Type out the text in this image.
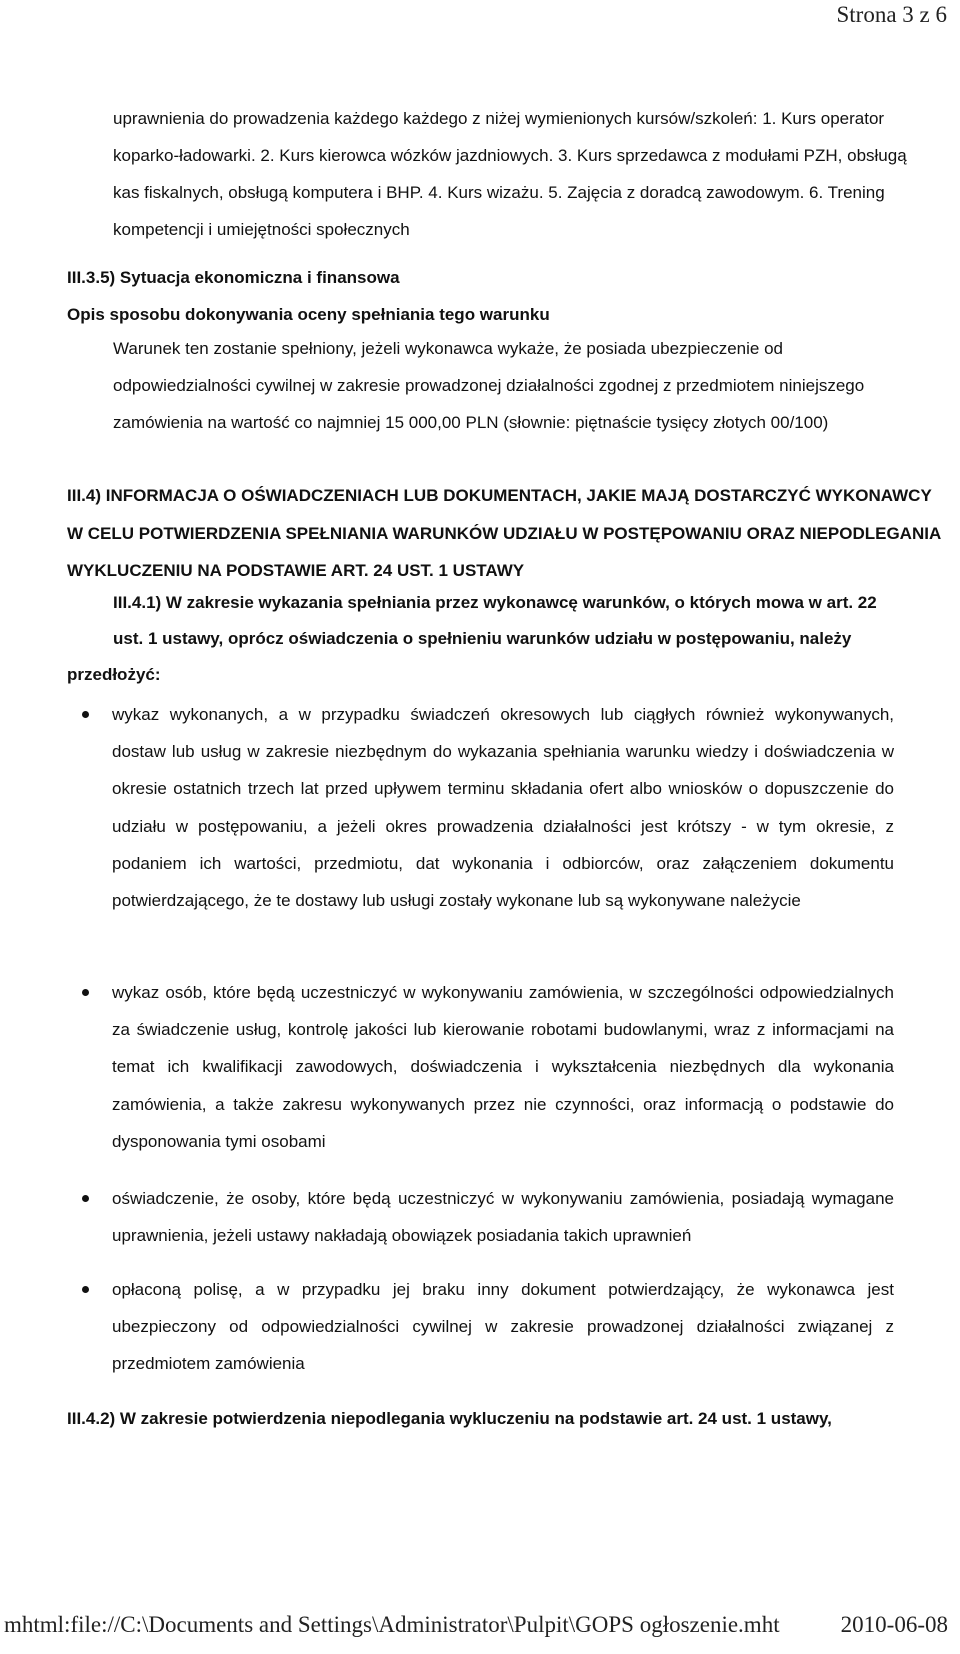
Strona 3 z 6
uprawnienia do prowadzenia każdego każdego z niżej wymienionych kursów/szkoleń: 1. Kurs operator koparko-ładowarki. 2. Kurs kierowca wózków jazdniowych. 3. Kurs sprzedawca z modułami PZH, obsługą kas fiskalnych, obsługą komputera i BHP. 4. Kurs wizażu. 5. Zajęcia z doradcą zawodowym. 6. Trening kompetencji i umiejętności społecznych
III.3.5) Sytuacja ekonomiczna i finansowa
Opis sposobu dokonywania oceny spełniania tego warunku
Warunek ten zostanie spełniony, jeżeli wykonawca wykaże, że posiada ubezpieczenie od odpowiedzialności cywilnej w zakresie prowadzonej działalności zgodnej z przedmiotem niniejszego zamówienia na wartość co najmniej 15 000,00 PLN (słownie: piętnaście tysięcy złotych 00/100)
III.4) INFORMACJA O OŚWIADCZENIACH LUB DOKUMENTACH, JAKIE MAJĄ DOSTARCZYĆ WYKONAWCY W CELU POTWIERDZENIA SPEŁNIANIA WARUNKÓW UDZIAŁU W POSTĘPOWANIU ORAZ NIEPODLEGANIA WYKLUCZENIU NA PODSTAWIE ART. 24 UST. 1 USTAWY
III.4.1) W zakresie wykazania spełniania przez wykonawcę warunków, o których mowa w art. 22
ust. 1 ustawy, oprócz oświadczenia o spełnieniu warunków udziału w postępowaniu, należy
przedłożyć:
wykaz wykonanych, a w przypadku świadczeń okresowych lub ciągłych również wykonywanych, dostaw lub usług w zakresie niezbędnym do wykazania spełniania warunku wiedzy i doświadczenia w okresie ostatnich trzech lat przed upływem terminu składania ofert albo wniosków o dopuszczenie do udziału w postępowaniu, a jeżeli okres prowadzenia działalności jest krótszy - w tym okresie, z podaniem ich wartości, przedmiotu, dat wykonania i odbiorców, oraz załączeniem dokumentu potwierdzającego, że te dostawy lub usługi zostały wykonane lub są wykonywane należycie
wykaz osób, które będą uczestniczyć w wykonywaniu zamówienia, w szczególności odpowiedzialnych za świadczenie usług, kontrolę jakości lub kierowanie robotami budowlanymi, wraz z informacjami na temat ich kwalifikacji zawodowych, doświadczenia i wykształcenia niezbędnych dla wykonania zamówienia, a także zakresu wykonywanych przez nie czynności, oraz informacją o podstawie do dysponowania tymi osobami
oświadczenie, że osoby, które będą uczestniczyć w wykonywaniu zamówienia, posiadają wymagane uprawnienia, jeżeli ustawy nakładają obowiązek posiadania takich uprawnień
opłaconą polisę, a w przypadku jej braku inny dokument potwierdzający, że wykonawca jest ubezpieczony od odpowiedzialności cywilnej w zakresie prowadzonej działalności związanej z przedmiotem zamówienia
III.4.2) W zakresie potwierdzenia niepodlegania wykluczeniu na podstawie art. 24 ust. 1 ustawy,
mhtml:file://C:\Documents and Settings\Administrator\Pulpit\GOPS ogłoszenie.mht	2010-06-08
